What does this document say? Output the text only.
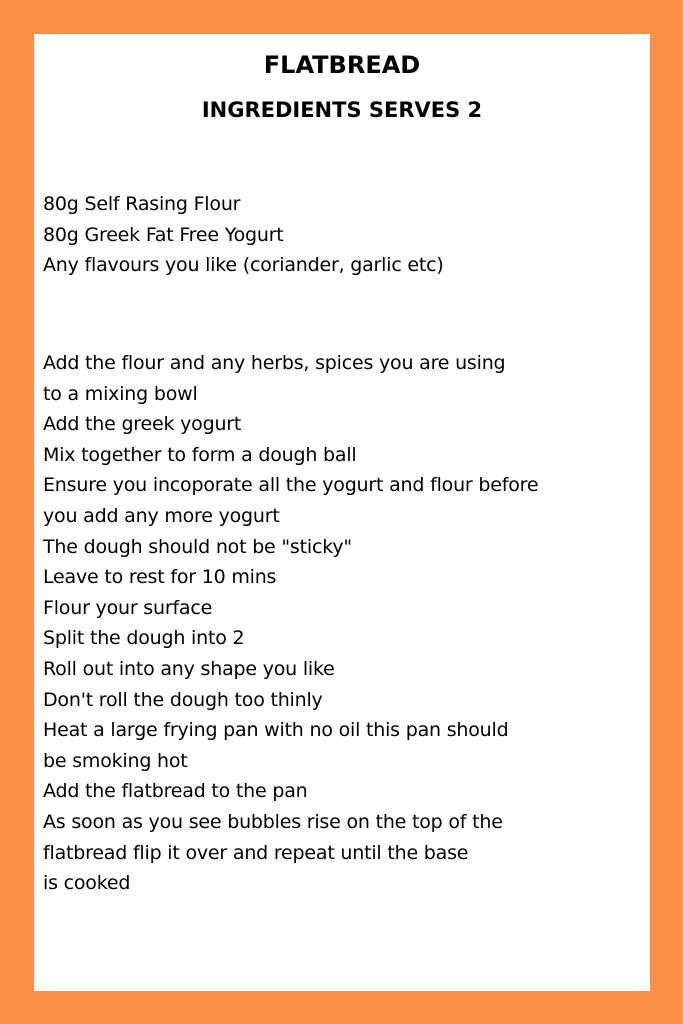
FLATBREAD
INGREDIENTS SERVES 2
80g Self Rasing Flour
80g Greek Fat Free Yogurt
Any flavours you like (coriander, garlic etc)
Add the flour and any herbs, spices you are using
to a mixing bowl
Add the greek yogurt
Mix together to form a dough ball
Ensure you incoporate all the yogurt and flour before
you add any more yogurt
The dough should not be "sticky"
Leave to rest for 10 mins
Flour your surface
Split the dough into 2
Roll out into any shape you like
Don't roll the dough too thinly
Heat a large frying pan with no oil this pan should
be smoking hot
Add the flatbread to the pan
As soon as you see bubbles rise on the top of the
flatbread flip it over and repeat until the base
is cooked
